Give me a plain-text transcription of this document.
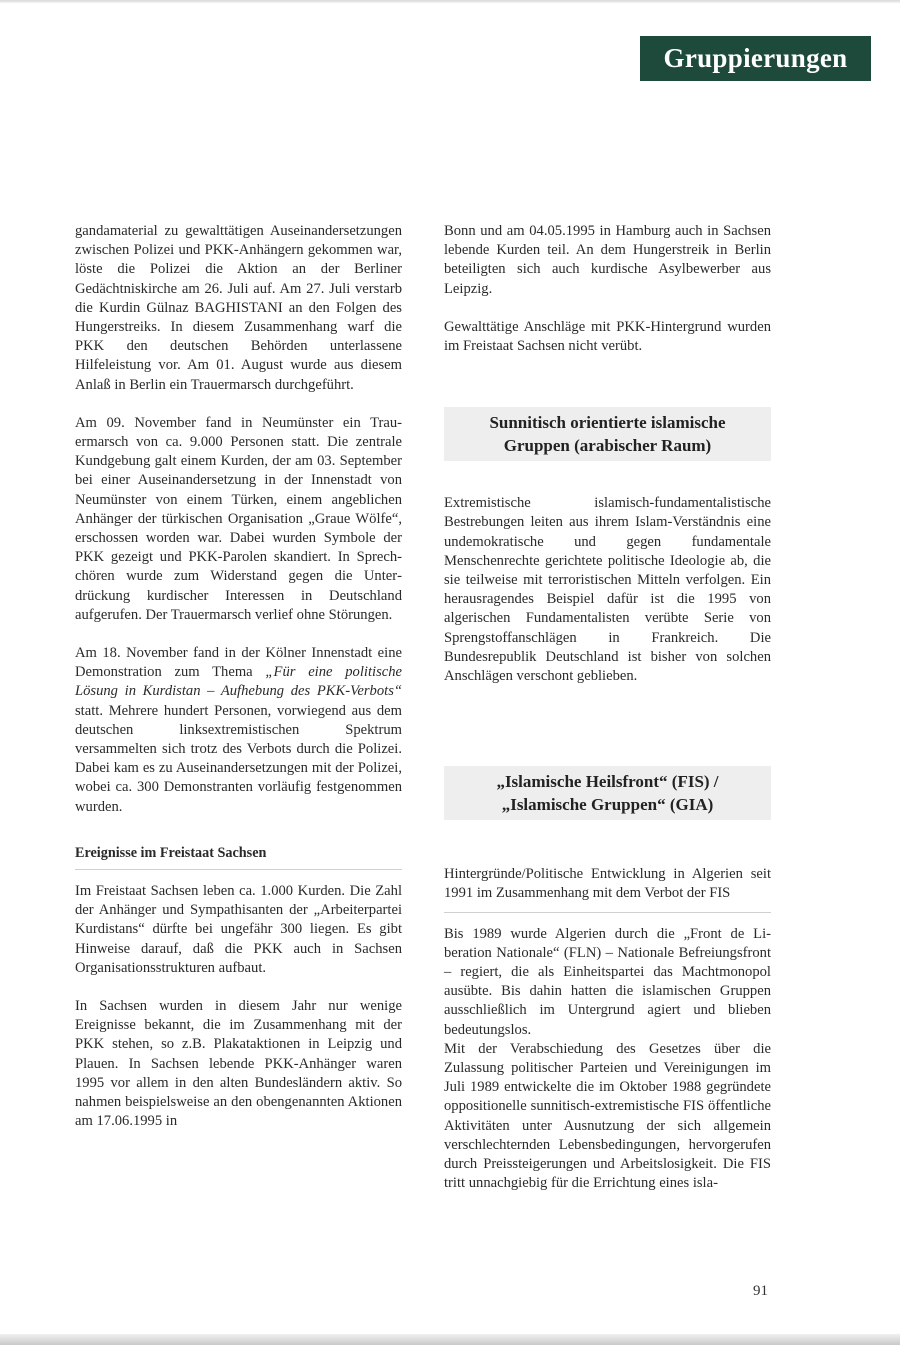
Gruppierungen

gandamaterial zu gewalttätigen Auseinandersetzungen zwischen Polizei und PKK-Anhängern gekommen war, löste die Polizei die Aktion an der Berliner Gedächtniskirche am 26. Juli auf. Am 27. Juli verstarb die Kurdin Gülnaz BAGHISTANI an den Folgen des Hungerstreiks. In diesem Zusammenhang warf die PKK den deutschen Behörden unterlassene Hilfeleistung vor. Am 01. August wurde aus diesem Anlaß in Berlin ein Trauermarsch durchgeführt.

Am 09. November fand in Neumünster ein Trauermarsch von ca. 9.000 Personen statt. Die zentrale Kundgebung galt einem Kurden, der am 03. September bei einer Auseinandersetzung in der Innenstadt von Neumünster von einem Türken, einem angeblichen Anhänger der türkischen Organisation „Graue Wölfe“, erschossen worden war. Dabei wurden Symbole der PKK gezeigt und PKK-Parolen skandiert. In Sprechchören wurde zum Widerstand gegen die Unterdrückung kurdischer Interessen in Deutschland aufgerufen. Der Trauermarsch verlief ohne Störungen.

Am 18. November fand in der Kölner Innenstadt eine Demonstration zum Thema „Für eine politische Lösung in Kurdistan – Aufhebung des PKK-Verbots“ statt. Mehrere hundert Personen, vorwiegend aus dem deutschen linksextremistischen Spektrum versammelten sich trotz des Verbots durch die Polizei. Dabei kam es zu Auseinandersetzungen mit der Polizei, wobei ca. 300 Demonstranten vorläufig festgenommen wurden.

Ereignisse im Freistaat Sachsen

Im Freistaat Sachsen leben ca. 1.000 Kurden. Die Zahl der Anhänger und Sympathisanten der „Arbeiterpartei Kurdistans“ dürfte bei ungefähr 300 liegen. Es gibt Hinweise darauf, daß die PKK auch in Sachsen Organisationsstrukturen aufbaut.

In Sachsen wurden in diesem Jahr nur wenige Ereignisse bekannt, die im Zusammenhang mit der PKK stehen, so z.B. Plakataktionen in Leipzig und Plauen. In Sachsen lebende PKK-Anhänger waren 1995 vor allem in den alten Bundesländern aktiv. So nahmen beispielsweise an den obengenannten Aktionen am 17.06.1995 in

Bonn und am 04.05.1995 in Hamburg auch in Sachsen lebende Kurden teil. An dem Hungerstreik in Berlin beteiligten sich auch kurdische Asylbewerber aus Leipzig.

Gewalttätige Anschläge mit PKK-Hintergrund wurden im Freistaat Sachsen nicht verübt.

Sunnitisch orientierte islamische
Gruppen (arabischer Raum)

Extremistische islamisch-fundamentalistische Bestrebungen leiten aus ihrem Islam-Verständnis eine undemokratische und gegen fundamentale Menschenrechte gerichtete politische Ideologie ab, die sie teilweise mit terroristischen Mitteln verfolgen. Ein herausragendes Beispiel dafür ist die 1995 von algerischen Fundamentalisten verübte Serie von Sprengstoffanschlägen in Frankreich. Die Bundesrepublik Deutschland ist bisher von solchen Anschlägen verschont geblieben.

„Islamische Heilsfront“ (FIS) /
„Islamische Gruppen“ (GIA)

Hintergründe/Politische Entwicklung in Algerien seit 1991 im Zusammenhang mit dem Verbot der FIS

Bis 1989 wurde Algerien durch die „Front de Liberation Nationale“ (FLN) – Nationale Befreiungsfront – regiert, die als Einheitspartei das Machtmonopol ausübte. Bis dahin hatten die islamischen Gruppen ausschließlich im Untergrund agiert und blieben bedeutungslos.

Mit der Verabschiedung des Gesetzes über die Zulassung politischer Parteien und Vereinigungen im Juli 1989 entwickelte die im Oktober 1988 gegründete oppositionelle sunnitisch-extremistische FIS öffentliche Aktivitäten unter Ausnutzung der sich allgemein verschlechternden Lebensbedingungen, hervorgerufen durch Preissteigerungen und Arbeitslosigkeit. Die FIS tritt unnachgiebig für die Errichtung eines isla-

91
